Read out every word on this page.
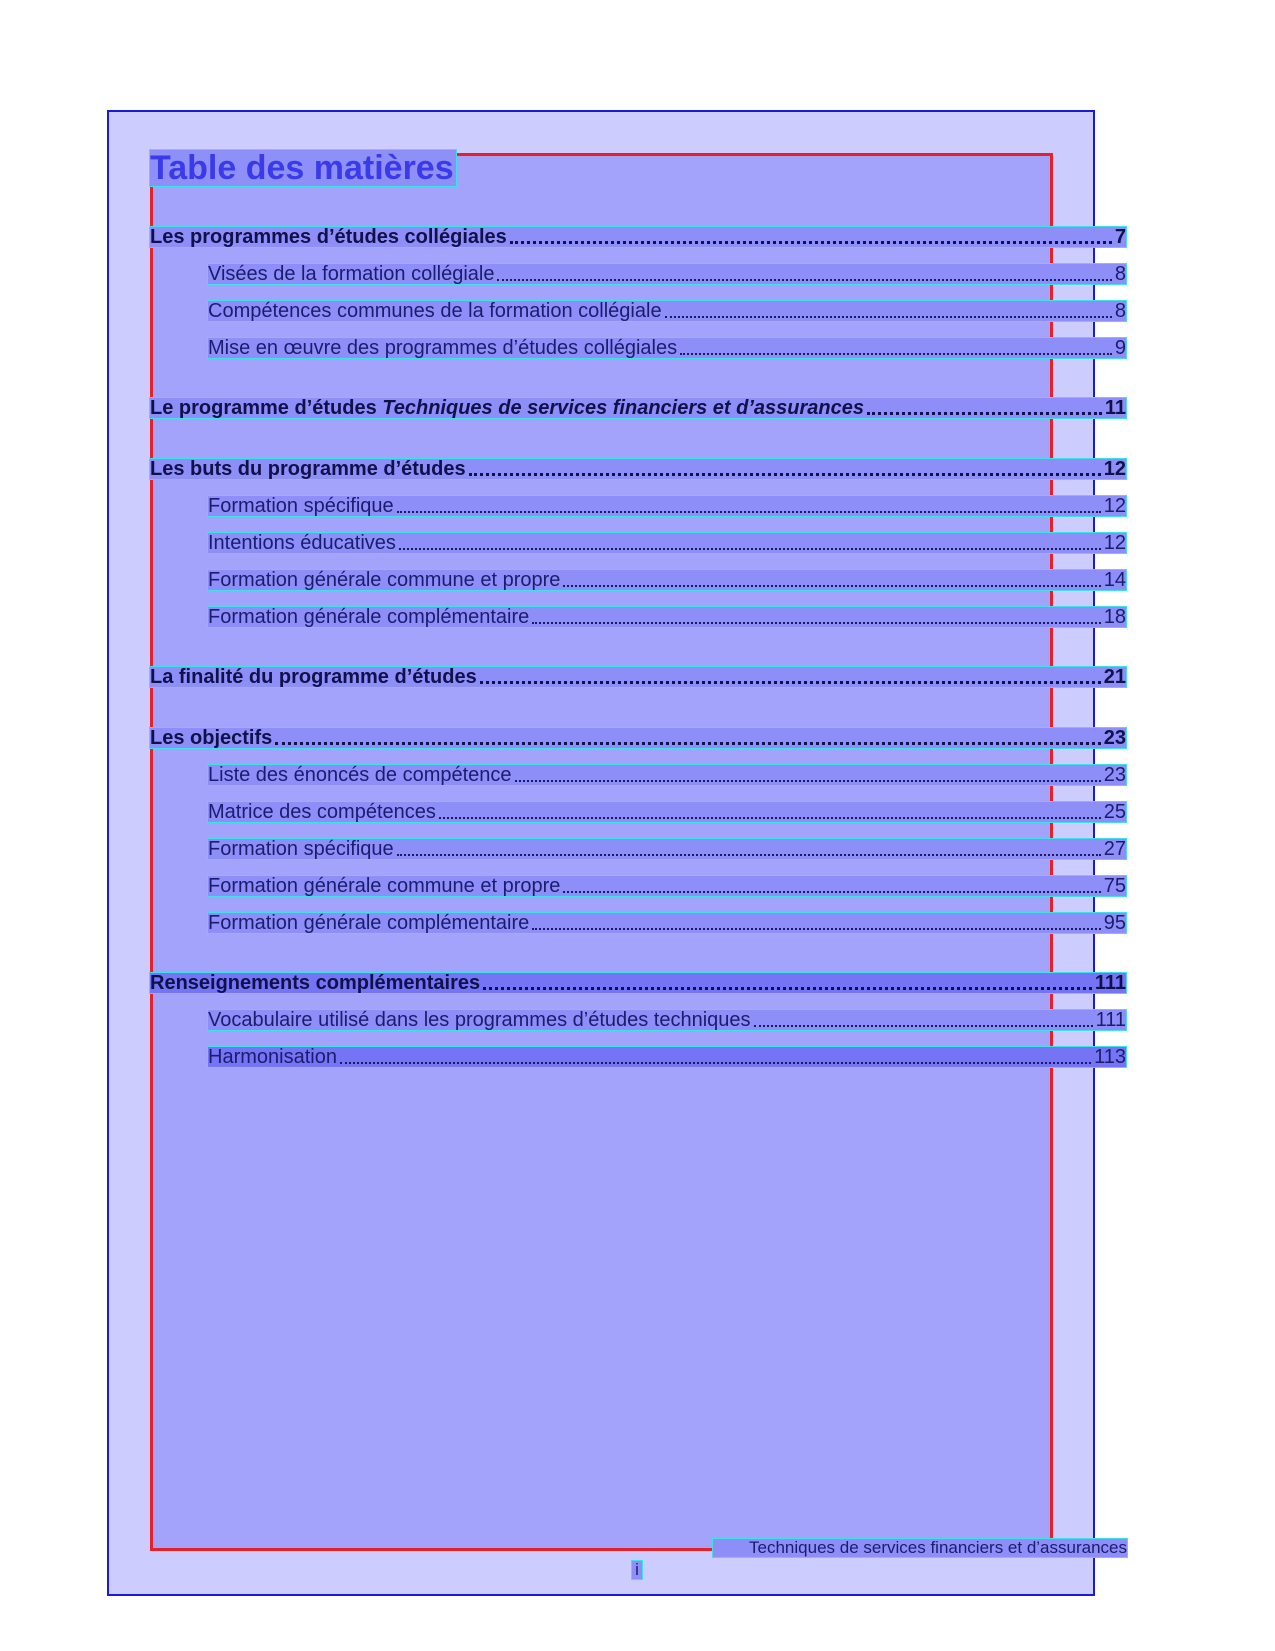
Table des matières
Les programmes d’études collégiales	7
Visées de la formation collégiale	8
Compétences communes de la formation collégiale	8
Mise en œuvre des programmes d’études collégiales	9
Le programme d’études Techniques de services financiers et d’assurances	11
Les buts du programme d’études	12
Formation spécifique	12
Intentions éducatives	12
Formation générale commune et propre	14
Formation générale complémentaire	18
La finalité du programme d’études	21
Les objectifs	23
Liste des énoncés de compétence	23
Matrice des compétences	25
Formation spécifique	27
Formation générale commune et propre	75
Formation générale complémentaire	95
Renseignements complémentaires	111
Vocabulaire utilisé dans les programmes d’études techniques	111
Harmonisation	113
Techniques de services financiers et d’assurances
i
